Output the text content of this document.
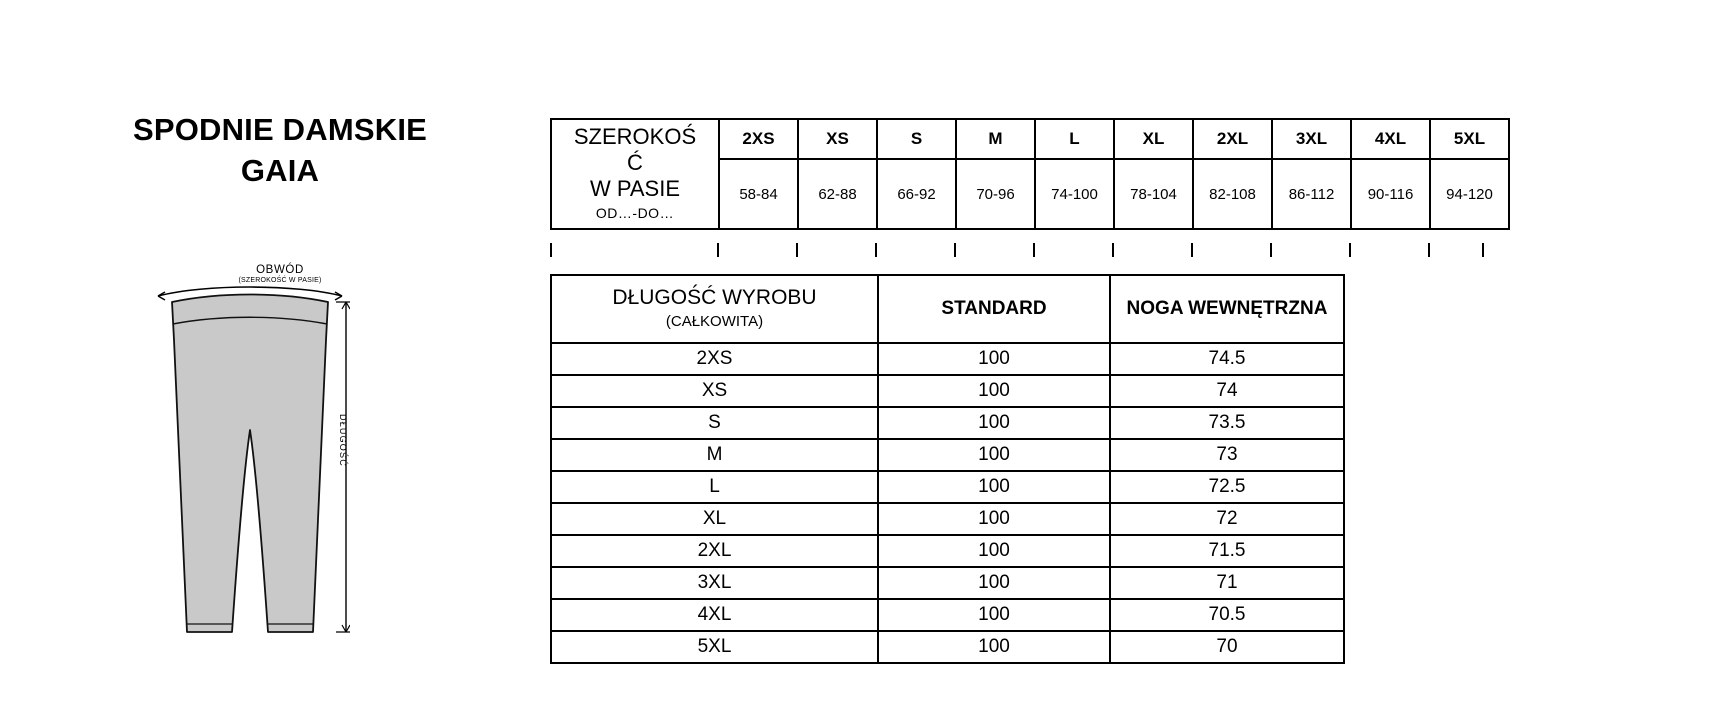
SPODNIE DAMSKIE
GAIA
OBWÓD
(SZEROKOŚĆ W PASIE)
DŁUGOŚĆ
SZEROKOŚ
Ć
W PASIE
OD…-DO…	2XS	XS	S	M	L	XL	2XL	3XL	4XL	5XL
	58-84	62-88	66-92	70-96	74-100	78-104	82-108	86-112	90-116	94-120
DŁUGOŚĆ WYROBU
(CAŁKOWITA)	STANDARD	NOGA WEWNĘTRZNA
2XS	100	74.5
XS	100	74
S	100	73.5
M	100	73
L	100	72.5
XL	100	72
2XL	100	71.5
3XL	100	71
4XL	100	70.5
5XL	100	70
